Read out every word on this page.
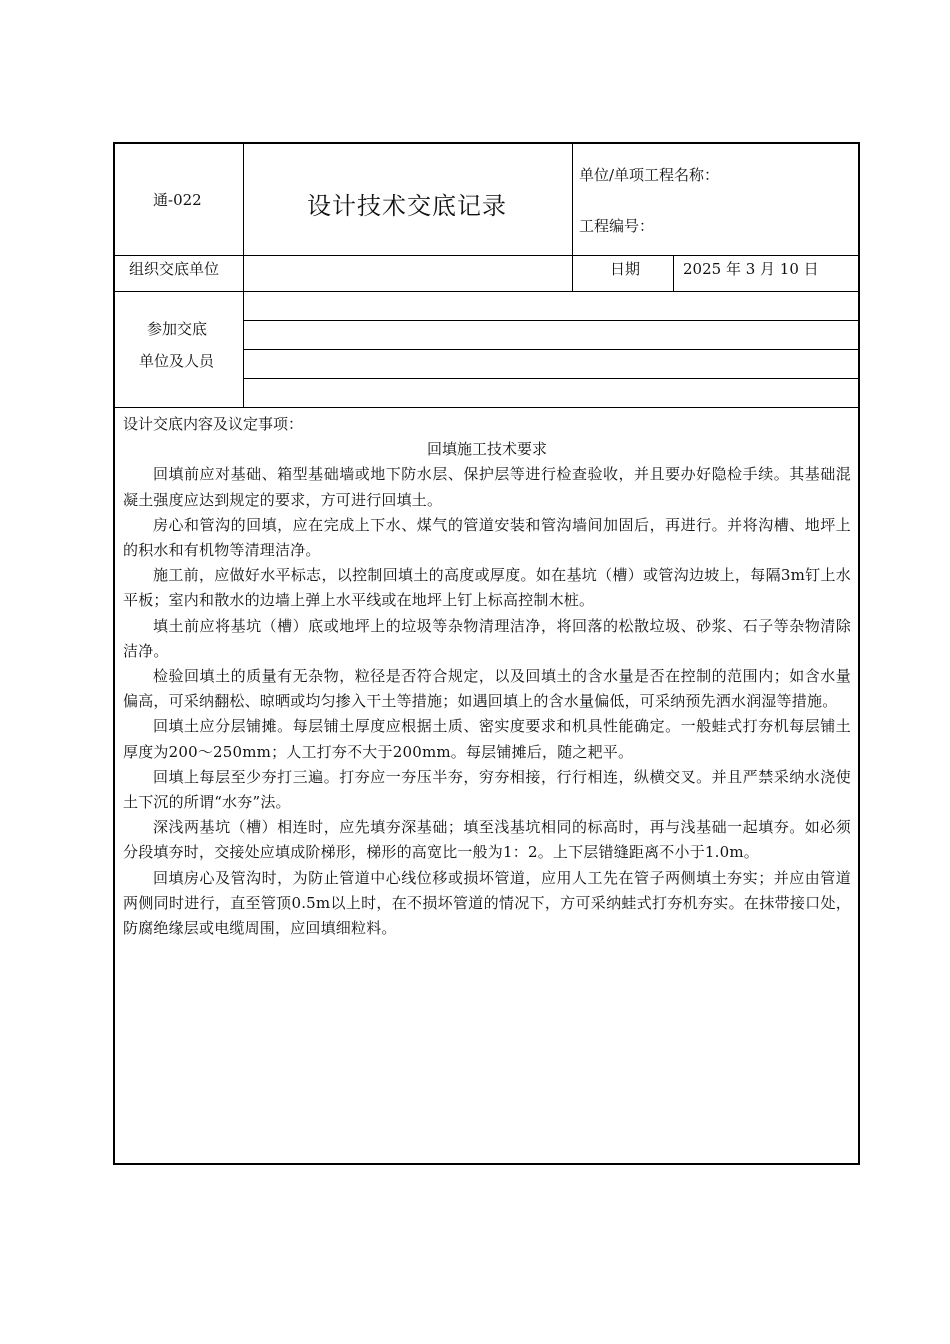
通-022	设计技术交底记录
单位/单项工程名称：
工程编号：
组织交底单位	日期	2025 年 3 月 10 日
参加交底
单位及人员

设计交底内容及议定事项：

回填施工技术要求

回填前应对基础、箱型基础墙或地下防水层、保护层等进行检查验收，并且要办好隐检手续。其基础混凝土强度应达到规定的要求，方可进行回填土。

房心和管沟的回填，应在完成上下水、煤气的管道安装和管沟墙间加固后，再进行。并将沟槽、地坪上的积水和有机物等清理洁净。

施工前，应做好水平标志，以控制回填土的高度或厚度。如在基坑（槽）或管沟边坡上，每隔3m钉上水平板；室内和散水的边墙上弹上水平线或在地坪上钉上标高控制木桩。

填土前应将基坑（槽）底或地坪上的垃圾等杂物清理洁净，将回落的松散垃圾、砂浆、石子等杂物清除洁净。

检验回填土的质量有无杂物，粒径是否符合规定，以及回填土的含水量是否在控制的范围内；如含水量偏高，可采纳翻松、晾晒或均匀掺入干土等措施；如遇回填上的含水量偏低，可采纳预先洒水润湿等措施。

回填土应分层铺摊。每层铺土厚度应根据土质、密实度要求和机具性能确定。一般蛙式打夯机每层铺土厚度为200～250mm；人工打夯不大于200mm。每层铺摊后，随之耙平。

回填上每层至少夯打三遍。打夯应一夯压半夯，穷夯相接，行行相连，纵横交叉。并且严禁采纳水浇使土下沉的所谓“水夯”法。

深浅两基坑（槽）相连时，应先填夯深基础；填至浅基坑相同的标高时，再与浅基础一起填夯。如必须分段填夯时，交接处应填成阶梯形，梯形的高宽比一般为1：2。上下层错缝距离不小于1.0m。

回填房心及管沟时，为防止管道中心线位移或损坏管道，应用人工先在管子两侧填土夯实；并应由管道两侧同时进行，直至管顶0.5m以上时，在不损坏管道的情况下，方可采纳蛙式打夯机夯实。在抹带接口处，防腐绝缘层或电缆周围，应回填细粒料。
